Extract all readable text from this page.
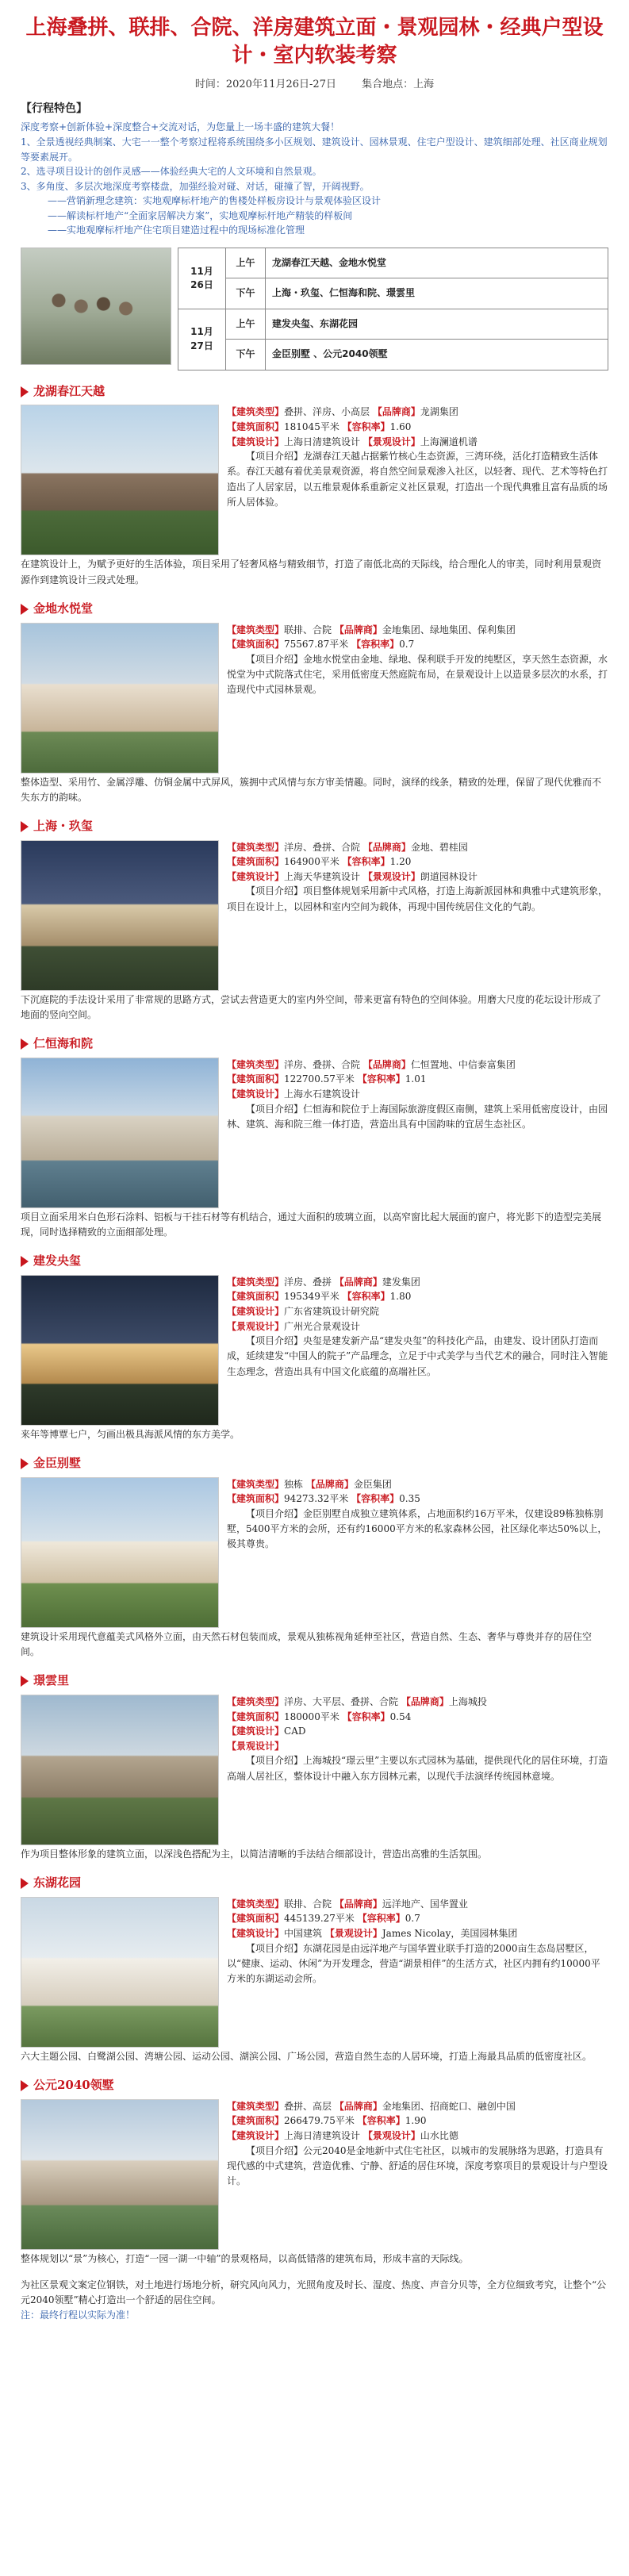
上海叠拼、联排、合院、洋房建筑立面・景观园林・经典户型设计・室内软装考察
时间：2020年11月26日-27日 集合地点：上海
【行程特色】
深度考察+创新体验+深度整合+交流对话，为您量上一场丰盛的建筑大餐！
1、全景透视经典制案、大宅一一整个考察过程将系统围绕多小区规划、建筑设计、园林景观、住宅户型设计、建筑细部处理、社区商业规划等要素展开。
2、选寻项目设计的创作灵感——体验经典大宅的人文环境和自然景观。
3、多角度、多层次地深度考察楼盘，加强经验对碰、对话，碰撞了智，开阔视野。
——营销新理念建筑：实地观摩标杆地产的售楼处样板房设计与景观体验区设计
——解读标杆地产“全面家居解决方案”，实地观摩标杆地产精装的样板间
——实地观摩标杆地产住宅项目建造过程中的现场标准化管理
11月26日	上午	龙湖春江天越、金地水悦堂
	下午	上海・玖玺、仁恒海和院、璟雲里
11月27日	上午	建发央玺、东湖花园
	下午	金臣别墅 、公元2040领墅
龙湖春江天越
【建筑类型】叠拼、洋房、小高层 【品牌商】龙湖集团
【建筑面积】181045平米 【容积率】1.60
【建筑设计】上海日清建筑设计 【景观设计】上海澜道机谱
【项目介绍】龙湖春江天越占据紫竹核心生态资源，三湾环绕，活化打造精致生活体系。春江天越有着优美景观资源，将自然空间景观渗入社区，以轻奢、现代、艺术等特色打造出了人居家居，以五维景观体系重新定义社区景观，打造出一个现代典雅且富有品质的场所人居体验。
在建筑设计上，为赋予更好的生活体验，项目采用了轻奢风格与精致细节，打造了南低北高的天际线，给合理化人的审美，同时利用景观资源作到建筑设计三段式处理。
金地水悦堂
【建筑类型】联排、合院 【品牌商】金地集团、绿地集团、保利集团
【建筑面积】75567.87平米 【容积率】0.7
【项目介绍】金地水悦堂由金地、绿地、保利联手开发的纯墅区，享天然生态资源，水悦堂为中式院落式住宅，采用低密度天然庭院布局，在景观设计上以造景多层次的水系，打造现代中式园林景观。
整体造型、采用竹、金属浮雕、仿铜金属中式屏风，簇拥中式风情与东方审美情趣。同时，演绎的线条，精致的处理，保留了现代优雅而不失东方的韵味。
上海・玖玺
【建筑类型】洋房、叠拼、合院 【品牌商】金地、碧桂园
【建筑面积】164900平米 【容积率】1.20
【建筑设计】上海天华建筑设计 【景观设计】朗道园林设计
【项目介绍】项目整体规划采用新中式风格，打造上海新派园林和典雅中式建筑形象，项目在设计上，以园林和室内空间为载体，再现中国传统居住文化的气韵。
下沉庭院的手法设计采用了非常规的思路方式，尝试去营造更大的室内外空间，带来更富有特色的空间体验。用磨大尺度的花坛设计形成了地面的竖向空间。
仁恒海和院
【建筑类型】洋房、叠拼、合院 【品牌商】仁恒置地、中信泰富集团
【建筑面积】122700.57平米 【容积率】1.01
【建筑设计】上海水石建筑设计
【项目介绍】仁恒海和院位于上海国际旅游度假区南侧，建筑上采用低密度设计，由园林、建筑、海和院三维一体打造，营造出具有中国韵味的宜居生态社区。
项目立面采用米白色形石涂料、铝板与干挂石材等有机结合，通过大面积的玻璃立面，以高窄窗比起大展面的窗户，将光影下的造型完美展现，同时选择精致的立面细部处理。
建发央玺
【建筑类型】洋房、叠拼 【品牌商】建发集团
【建筑面积】195349平米 【容积率】1.80
【建筑设计】广东省建筑设计研究院
【景观设计】广州光合景观设计
【项目介绍】央玺是建发新产品“建发央玺”的科技化产品，由建发、设计团队打造而成，延续建发“中国人的院子”产品理念，立足于中式美学与当代艺术的融合，同时注入智能生态理念，营造出具有中国文化底蕴的高端社区。
来年等博覃七户，匀画出极具海派风情的东方美学。
金臣别墅
【建筑类型】独栋 【品牌商】金臣集团
【建筑面积】94273.32平米 【容积率】0.35
【项目介绍】金臣别墅自成独立建筑体系，占地面积约16万平米，仅建设89栋独栋别墅，5400平方米的会所，还有约16000平方米的私家森林公园，社区绿化率达50%以上，极其尊贵。
建筑设计采用现代意蕴美式风格外立面，由天然石材包装而成，景观从独栋视角延伸至社区，营造自然、生态、奢华与尊贵并存的居住空间。
璟雲里
【建筑类型】洋房、大平层、叠拼、合院 【品牌商】上海城投
【建筑面积】180000平米 【容积率】0.54
【建筑设计】CAD
【景观设计】
【项目介绍】上海城投“璟云里”主要以东式园林为基础，提供现代化的居住环境，打造高端人居社区，整体设计中融入东方园林元素，以现代手法演绎传统园林意境。
作为项目整体形象的建筑立面，以深浅色搭配为主，以简洁清晰的手法结合细部设计，营造出高雅的生活氛围。
东湖花园
【建筑类型】联排、合院 【品牌商】远洋地产、国华置业
【建筑面积】445139.27平米 【容积率】0.7
【建筑设计】中国建筑 【景观设计】James Nicolay，美国园林集团
【项目介绍】东湖花园是由远洋地产与国华置业联手打造的2000亩生态岛居墅区，以“健康、运动、休闲”为开发理念，营造“湖景相伴”的生活方式，社区内拥有约10000平方米的东湖运动会所。
六大主题公园、白鹭湖公园、湾塘公园、运动公园、湖滨公园、广场公园，营造自然生态的人居环境，打造上海最具品质的低密度社区。
公元2040领墅
【建筑类型】叠拼、高层 【品牌商】金地集团、招商蛇口、融创中国
【建筑面积】266479.75平米 【容积率】1.90
【建筑设计】上海日清建筑设计 【景观设计】山水比德
【项目介绍】公元2040是金地新中式住宅社区，以城市的发展脉络为思路，打造具有现代感的中式建筑，营造优雅、宁静、舒适的居住环境，深度考察项目的景观设计与户型设计。
整体规划以“景”为核心，打造“一园一湖一中轴”的景观格局，以高低错落的建筑布局，形成丰富的天际线。
为社区景观文案定位钢铁，对土地进行场地分析，研究风向风力，光照角度及时长、湿度、热度、声音分贝等，全方位细致考究，让整个“公元2040领墅”精心打造出一个舒适的居住空间。
注：最终行程以实际为准！
